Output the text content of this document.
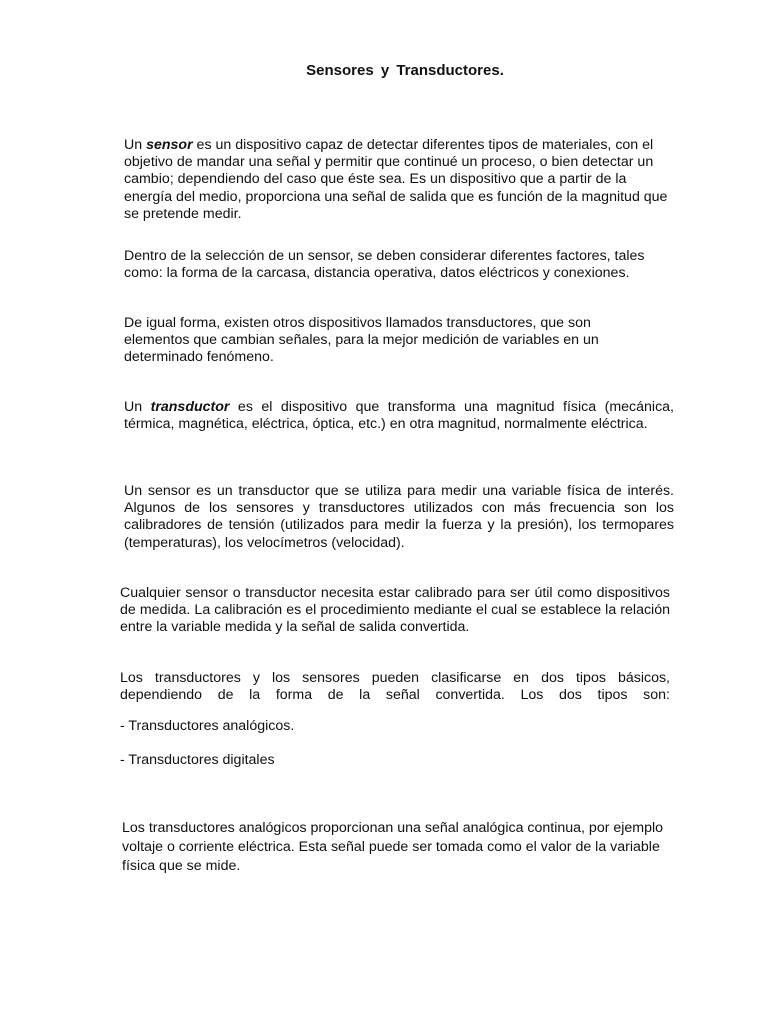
Sensores y Transductores.

Un sensor es un dispositivo capaz de detectar diferentes tipos de materiales, con el objetivo de mandar una señal y permitir que continué un proceso, o bien detectar un cambio; dependiendo del caso que éste sea. Es un dispositivo que a partir de la energía del medio, proporciona una señal de salida que es función de la magnitud que se pretende medir.

Dentro de la selección de un sensor, se deben considerar diferentes factores, tales como: la forma de la carcasa, distancia operativa, datos eléctricos y conexiones.

De igual forma, existen otros dispositivos llamados transductores, que son elementos que cambian señales, para la mejor medición de variables en un determinado fenómeno.

Un transductor es el dispositivo que transforma una magnitud física (mecánica, térmica, magnética, eléctrica, óptica, etc.) en otra magnitud, normalmente eléctrica.

Un sensor es un transductor que se utiliza para medir una variable física de interés. Algunos de los sensores y transductores utilizados con más frecuencia son los calibradores de tensión (utilizados para medir la fuerza y la presión), los termopares (temperaturas), los velocímetros (velocidad).

Cualquier sensor o transductor necesita estar calibrado para ser útil como dispositivos de medida. La calibración es el procedimiento mediante el cual se establece la relación entre la variable medida y la señal de salida convertida.

Los transductores y los sensores pueden clasificarse en dos tipos básicos, dependiendo de la forma de la señal convertida. Los dos tipos son:

- Transductores analógicos.

- Transductores digitales

Los transductores analógicos proporcionan una señal analógica continua, por ejemplo voltaje o corriente eléctrica. Esta señal puede ser tomada como el valor de la variable física que se mide.
